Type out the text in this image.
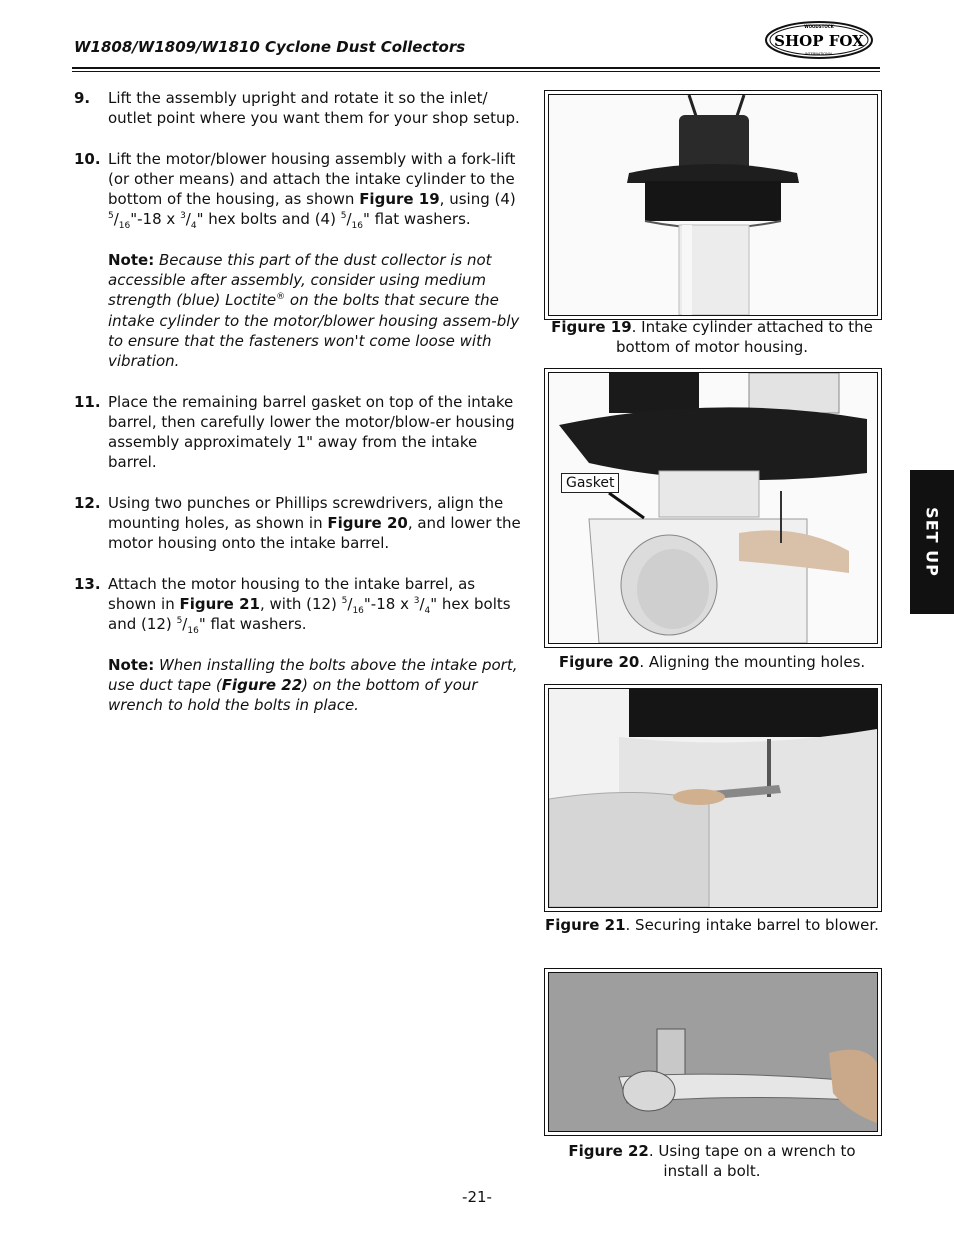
W1808/W1809/W1810 Cyclone Dust Collectors
WOODSTOCK
SHOP FOX
INTERNATIONAL
9. Lift the assembly upright and rotate it so the inlet/ outlet point where you want them for your shop setup.
10. Lift the motor/blower housing assembly with a fork-lift (or other means) and attach the intake cylinder to the bottom of the housing, as shown Figure 19, using (4) $^5/_{16}"-18$ x $^3/_4$" hex bolts and (4) $^5/_{16}$" flat washers.
Note: Because this part of the dust collector is not accessible after assembly, consider using medium strength (blue) Loctite® on the bolts that secure the intake cylinder to the motor/blower housing assem-bly to ensure that the fasteners won't come loose with vibration.
11. Place the remaining barrel gasket on top of the intake barrel, then carefully lower the motor/blow-er housing assembly approximately 1" away from the intake barrel.
12. Using two punches or Phillips screwdrivers, align the mounting holes, as shown in Figure 20, and lower the motor housing onto the intake barrel.
13. Attach the motor housing to the intake barrel, as shown in Figure 21, with (12) $^5/_{16}"-18$ x $^3/_4$" hex bolts and (12) $^5/_{16}$" flat washers.
Note: When installing the bolts above the intake port, use duct tape (Figure 22) on the bottom of your wrench to hold the bolts in place.
Figure 19. Intake cylinder attached to the bottom of motor housing.
Gasket
Figure 20. Aligning the mounting holes.
Figure 21. Securing intake barrel to blower.
Figure 22. Using tape on a wrench to install a bolt.
SET UP
-21-
